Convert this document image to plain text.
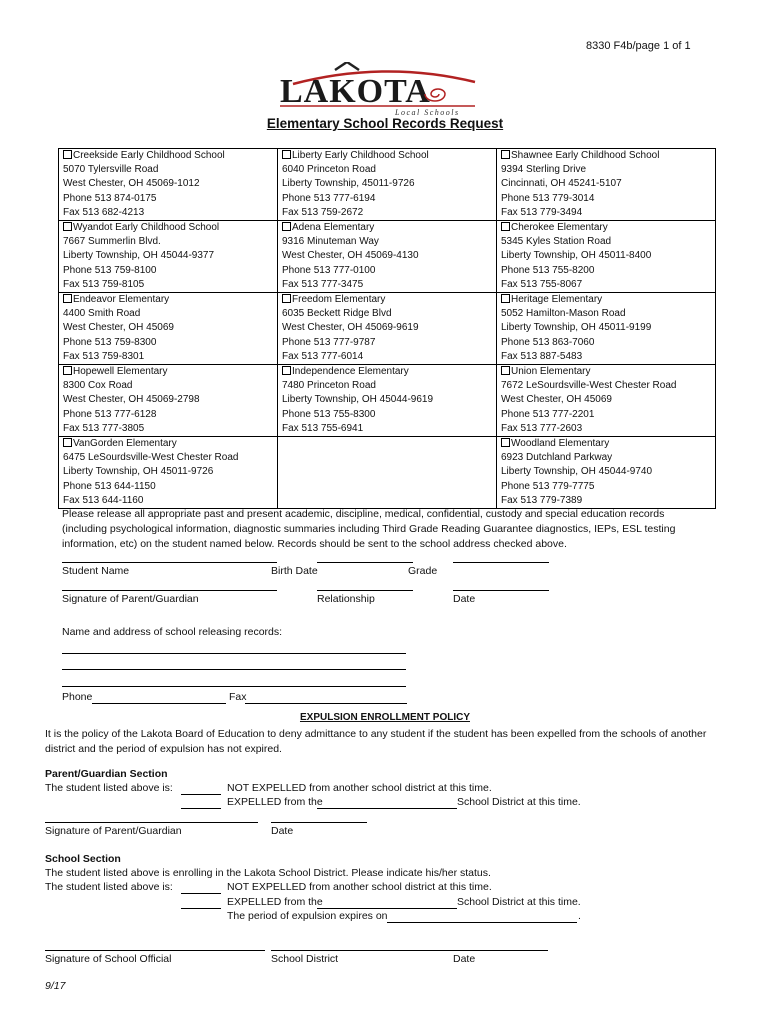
8330 F4b/page 1 of 1
LAKOTA
Local Schools
Elementary School Records Request
Creekside Early Childhood School
5070 Tylersville Road
West Chester, OH 45069-1012
Phone 513 874-0175
Fax 513 682-4213	Liberty Early Childhood School
6040 Princeton Road
Liberty Township, 45011-9726
Phone 513 777-6194
Fax 513 759-2672	Shawnee Early Childhood School
9394 Sterling Drive
Cincinnati, OH 45241-5107
Phone 513 779-3014
Fax 513 779-3494

Wyandot Early Childhood School
7667 Summerlin Blvd.
Liberty Township, OH 45044-9377
Phone 513 759-8100
Fax 513 759-8105	Adena Elementary
9316 Minuteman Way
West Chester, OH 45069-4130
Phone 513 777-0100
Fax 513 777-3475	Cherokee Elementary
5345 Kyles Station Road
Liberty Township, OH 45011-8400
Phone 513 755-8200
Fax 513 755-8067

Endeavor Elementary
4400 Smith Road
West Chester, OH 45069
Phone 513 759-8300
Fax 513 759-8301	Freedom Elementary
6035 Beckett Ridge Blvd
West Chester, OH 45069-9619
Phone 513 777-9787
Fax 513 777-6014	Heritage Elementary
5052 Hamilton-Mason Road
Liberty Township, OH 45011-9199
Phone 513 863-7060
Fax 513 887-5483

Hopewell Elementary
8300 Cox Road
West Chester, OH 45069-2798
Phone 513 777-6128
Fax 513 777-3805	Independence Elementary
7480 Princeton Road
Liberty Township, OH 45044-9619
Phone 513 755-8300
Fax 513 755-6941	Union Elementary
7672 LeSourdsville-West Chester Road
West Chester, OH 45069
Phone 513 777-2201
Fax 513 777-2603

VanGorden Elementary
6475 LeSourdsville-West Chester Road
Liberty Township, OH 45011-9726
Phone 513 644-1150
Fax 513 644-1160		Woodland Elementary
6923 Dutchland Parkway
Liberty Township, OH 45044-9740
Phone 513 779-7775
Fax 513 779-7389
Please release all appropriate past and present academic, discipline, medical, confidential, custody and special education records (including psychological information, diagnostic summaries including Third Grade Reading Guarantee diagnostics, IEPs, ESL testing information, etc) on the student named below. Records should be sent to the school address checked above.
Student Name	Birth Date	Grade
Signature of Parent/Guardian	Relationship	Date
Name and address of school releasing records:
Phone	Fax
EXPULSION ENROLLMENT POLICY
It is the policy of the Lakota Board of Education to deny admittance to any student if the student has been expelled from the schools of another district and the period of expulsion has not expired.
Parent/Guardian Section
The student listed above is:	NOT EXPELLED from another school district at this time.
EXPELLED from the	School District at this time.
Signature of Parent/Guardian	Date
School Section
The student listed above is enrolling in the Lakota School District. Please indicate his/her status.
The student listed above is:	NOT EXPELLED from another school district at this time.
EXPELLED from the	School District at this time.
The period of expulsion expires on	.
Signature of School Official	School District	Date
9/17
